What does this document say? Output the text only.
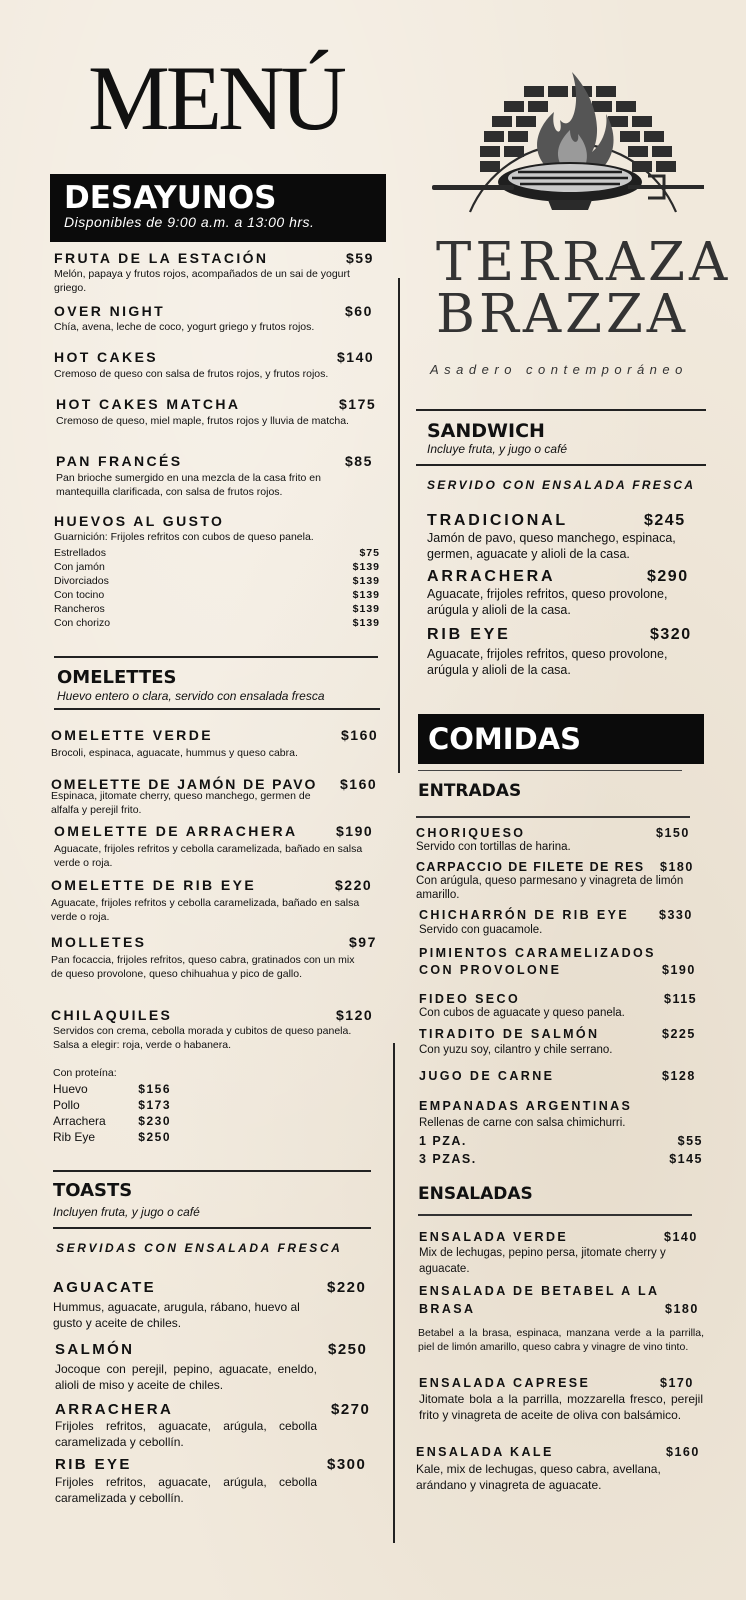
MENÚ
DESAYUNOS
Disponibles de 9:00 a.m. a 13:00 hrs.
FRUTA DE LA ESTACIÓN	$59
Melón, papaya y frutos rojos, acompañados de un sai de yogurt griego.
OVER NIGHT	$60
Chía, avena, leche de coco, yogurt griego y frutos rojos.
HOT CAKES	$140
Cremoso de queso con salsa de frutos rojos, y frutos rojos.
HOT CAKES MATCHA	$175
Cremoso de queso, miel maple, frutos rojos y lluvia de matcha.
PAN FRANCÉS	$85
Pan brioche sumergido en una mezcla de la casa frito en mantequilla clarificada, con salsa de frutos rojos.
HUEVOS AL GUSTO
Guarnición: Frijoles refritos con cubos de queso panela.
Estrellados	$75
Con jamón	$139
Divorciados	$139
Con tocino	$139
Rancheros	$139
Con chorizo	$139
OMELETTES
Huevo entero o clara, servido con ensalada fresca
OMELETTE VERDE	$160
Brocoli, espinaca, aguacate, hummus y queso cabra.
OMELETTE DE JAMÓN DE PAVO $160
Espinaca, jitomate cherry, queso manchego, germen de alfalfa y perejil frito.
OMELETTE DE ARRACHERA	$190
Aguacate, frijoles refritos y cebolla caramelizada, bañado en salsa verde o roja.
OMELETTE DE RIB EYE	$220
Aguacate, frijoles refritos y cebolla caramelizada, bañado en salsa verde o roja.
MOLLETES	$97
Pan focaccia, frijoles refritos, queso cabra, gratinados con un mix de queso provolone, queso chihuahua y pico de gallo.
CHILAQUILES	$120
Servidos con crema, cebolla morada y cubitos de queso panela. Salsa a elegir: roja, verde o habanera.
Con proteína:
Huevo	$156
Pollo	$173
Arrachera	$230
Rib Eye	$250
TOASTS
Incluyen fruta, y jugo o café
SERVIDAS CON ENSALADA FRESCA
AGUACATE	$220
Hummus, aguacate, arugula, rábano, huevo al gusto y aceite de chiles.
SALMÓN	$250
Jocoque con perejil, pepino, aguacate, eneldo, alioli de miso y aceite de chiles.
ARRACHERA	$270
Frijoles refritos, aguacate, arúgula, cebolla caramelizada y cebollín.
RIB EYE	$300
Frijoles refritos, aguacate, arúgula, cebolla caramelizada y cebollín.
TERRAZA
BRAZZA
Asadero contemporáneo
SANDWICH
Incluye fruta, y jugo o café
SERVIDO CON ENSALADA FRESCA
TRADICIONAL	$245
Jamón de pavo, queso manchego, espinaca, germen, aguacate y alioli de la casa.
ARRACHERA	$290
Aguacate, frijoles refritos, queso provolone, arúgula y alioli de la casa.
RIB EYE	$320
Aguacate, frijoles refritos, queso provolone, arúgula y alioli de la casa.
COMIDAS
ENTRADAS
CHORIQUESO	$150
Servido con tortillas de harina.
CARPACCIO DE FILETE DE RES $180
Con arúgula, queso parmesano y vinagreta de limón amarillo.
CHICHARRÓN DE RIB EYE $330
Servido con guacamole.
PIMIENTOS CARAMELIZADOS
CON PROVOLONE	$190
FIDEO SECO	$115
Con cubos de aguacate y queso panela.
TIRADITO DE SALMÓN	$225
Con yuzu soy, cilantro y chile serrano.
JUGO DE CARNE	$128
EMPANADAS ARGENTINAS
Rellenas de carne con salsa chimichurri.
1 PZA.	$55
3 PZAS.	$145
ENSALADAS
ENSALADA VERDE	$140
Mix de lechugas, pepino persa, jitomate cherry y aguacate.
ENSALADA DE BETABEL A LA
BRASA	$180
Betabel a la brasa, espinaca, manzana verde a la parrilla, piel de limón amarillo, queso cabra y vinagre de vino tinto.
ENSALADA CAPRESE	$170
Jitomate bola a la parrilla, mozzarella fresco, perejil frito y vinagreta de aceite de oliva con balsámico.
ENSALADA KALE	$160
Kale, mix de lechugas, queso cabra, avellana, arándano y vinagreta de aguacate.
